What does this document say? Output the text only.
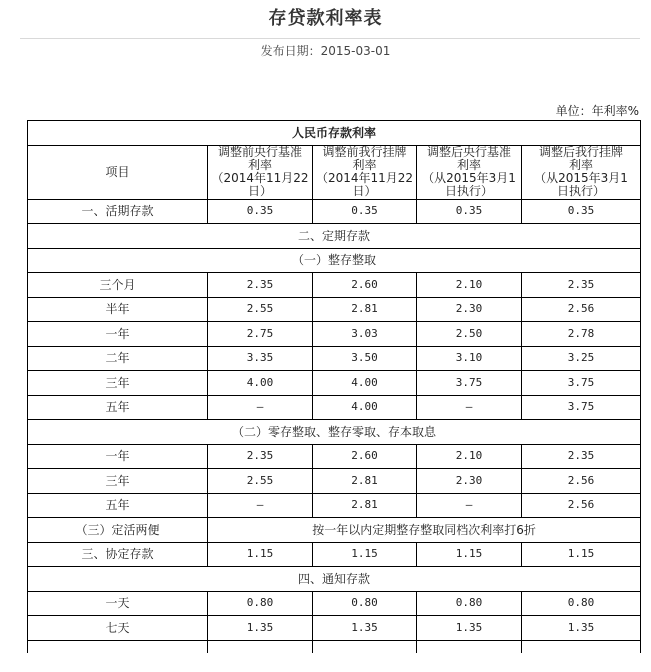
存贷款利率表
发布日期：2015-03-01
单位：年利率%
人民币存款利率				
项目	调整前央行基准
利率
（2014年11月22
日）	调整前我行挂牌
利率
（2014年11月22
日）	调整后央行基准
利率
（从2015年3月1
日执行）	调整后我行挂牌
利率
（从2015年3月1
日执行）
一、活期存款	0.35	0.35	0.35	0.35
二、定期存款				
（一）整存整取				
三个月	2.35	2.60	2.10	2.35
半年	2.55	2.81	2.30	2.56
一年	2.75	3.03	2.50	2.78
二年	3.35	3.50	3.10	3.25
三年	4.00	4.00	3.75	3.75
五年	–	4.00	–	3.75
（二）零存整取、整存零取、存本取息				
一年	2.35	2.60	2.10	2.35
三年	2.55	2.81	2.30	2.56
五年	–	2.81	–	2.56
（三）定活两便	按一年以内定期整存整取同档次利率打6折			
三、协定存款	1.15	1.15	1.15	1.15
四、通知存款				
一天	0.80	0.80	0.80	0.80
七天	1.35	1.35	1.35	1.35
